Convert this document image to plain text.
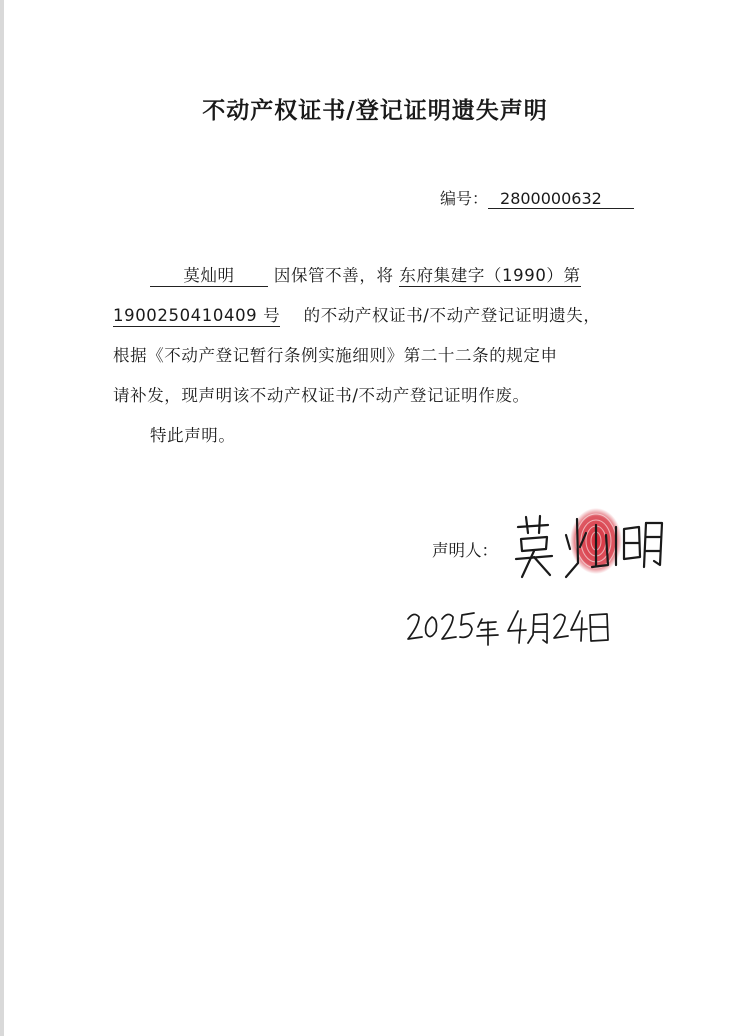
不动产权证书/登记证明遗失声明
编号： 2800000632
莫灿明 因保管不善，将 东府集建字（1990）第
1900250410409 号 的不动产权证书/不动产登记证明遗失，
根据《不动产登记暂行条例实施细则》第二十二条的规定申
请补发，现声明该不动产权证书/不动产登记证明作废。
特此声明。
声明人：
